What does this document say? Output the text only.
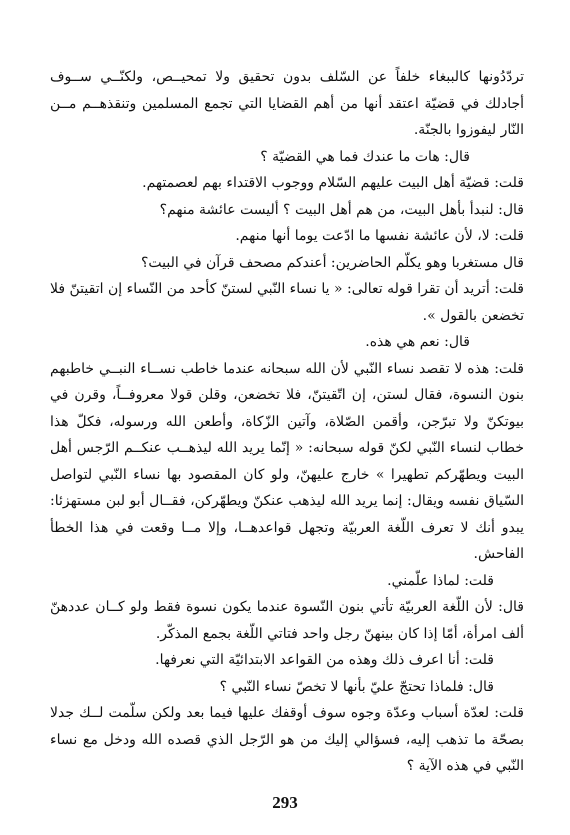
تردّدُونها كالببغاء خلفاً عن السّلف بدون تحقيق ولا تمحيــص، ولكنّــي ســوف أجادلك في قضيّة اعتقد أنها من أهم القضايا التي تجمع المسلمين وتنقذهــم مــن النّار ليفوزوا بالجنّة.

قال: هات ما عندك فما هي القضيّة ؟

قلت: قضيّة أهل البيت عليهم السّلام ووجوب الاقتداء بهم لعصمتهم.

قال: لنبدأ بأهل البيت، من هم أهل البيت ؟ أليست عائشة منهم؟

قلت: لا، لأن عائشة نفسها ما ادّعت يوما أنها منهم.

قال مستغربا وهو يكلّم الحاضرين: أعندكم مصحف قرآن في البيت؟

قلت: أتريد أن تقرا قوله تعالى: « يا نساء النّبي لستنّ كأحد من النّساء إن اتقيتنّ فلا تخضعن بالقول ».

قال: نعم هي هذه.

قلت: هذه لا تقصد نساء النّبي لأن الله سبحانه عندما خاطب نســاء النبــي خاطبهم بنون النسوة، فقال لستن، إن اتّقيتنّ، فلا تخضعن، وقلن قولا معروفــاً، وقرن في بيوتكنّ ولا تبرّجن، وأقمن الصّلاة، وآتين الزّكاة، وأطعن الله ورسوله، فكلّ هذا خطاب لنساء النّبي لكنّ قوله سبحانه: « إنّما يريد الله ليذهــب عنكــم الرّجس أهل البيت ويطهّركم تطهيرا » خارج عليهنّ، ولو كان المقصود بها نساء النّبي لتواصل السّياق نفسه ويقال: إنما يريد الله ليذهب عنكنّ ويطهّركن، فقــال أبو لبن مستهزئا: يبدو أنك لا تعرف اللّغة العربيّة وتجهل قواعدهــا، وإلا مــا وقعت في هذا الخطأ الفاحش.

قلت: لماذا علّمني.

قال: لأن اللّغة العربيّة تأتي بنون النّسوة عندما يكون نسوة فقط ولو كــان عددهنّ ألف امرأة، أمّا إذا كان بينهنّ رجل واحد فتاتي اللّغة بجمع المذكّر.

قلت: أنا اعرف ذلك وهذه من القواعد الابتدائيّة التي نعرفها.

قال: فلماذا تحتجّ عليّ بأنها لا تخصّ نساء النّبي ؟

قلت: لعدّة أسباب وعدّة وجوه سوف أوقفك عليها فيما بعد ولكن سلّمت لــك جدلا بصحّة ما تذهب إليه، فسؤالي إليك من هو الرّجل الذي قصده الله ودخل مع نساء النّبي في هذه الآية ؟

293
